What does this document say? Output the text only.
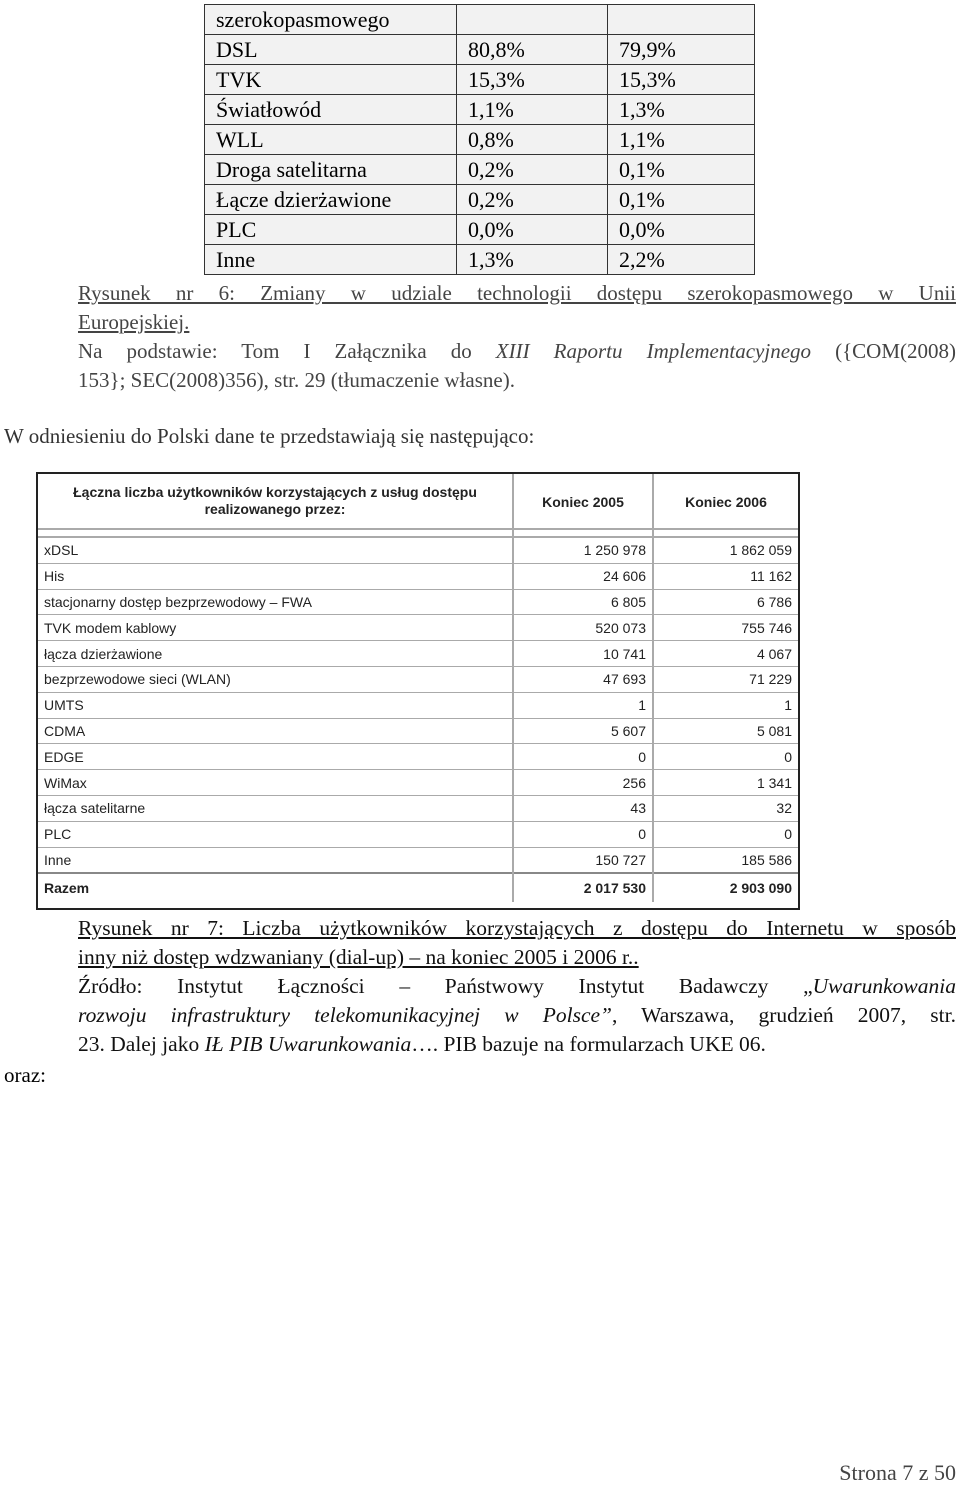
szerokopasmowego		
DSL	80,8%	79,9%
TVK	15,3%	15,3%
Światłowód	1,1%	1,3%
WLL	0,8%	1,1%
Droga satelitarna	0,2%	0,1%
Łącze dzierżawione	0,2%	0,1%
PLC	0,0%	0,0%
Inne	1,3%	2,2%
Rysunek nr 6: Zmiany w udziale technologii dostępu szerokopasmowego w Unii
Europejskiej.
Na podstawie: Tom I Załącznika do XIII Raportu Implementacyjnego ({COM(2008)
153}; SEC(2008)356), str. 29 (tłumaczenie własne).
W odniesieniu do Polski dane te przedstawiają się następująco:
Łączna liczba użytkowników korzystających z usług dostępu realizowanego przez:	Koniec 2005	Koniec 2006

xDSL	1 250 978	1 862 059
His	24 606	11 162
stacjonarny dostęp bezprzewodowy – FWA	6 805	6 786
TVK modem kablowy	520 073	755 746
łącza dzierżawione	10 741	4 067
bezprzewodowe sieci (WLAN)	47 693	71 229
UMTS	1	1
CDMA	5 607	5 081
EDGE	0	0
WiMax	256	1 341
łącza satelitarne	43	32
PLC	0	0
Inne	150 727	185 586
Razem	2 017 530	2 903 090
Rysunek nr 7: Liczba użytkowników korzystających z dostępu do Internetu w sposób
inny niż dostęp wdzwaniany (dial-up) – na koniec 2005 i 2006 r..
Źródło: Instytut Łączności – Państwowy Instytut Badawczy „Uwarunkowania
rozwoju infrastruktury telekomunikacyjnej w Polsce”, Warszawa, grudzień 2007, str.
23. Dalej jako IŁ PIB Uwarunkowania…. PIB bazuje na formularzach UKE 06.
oraz:
Strona 7 z 50
